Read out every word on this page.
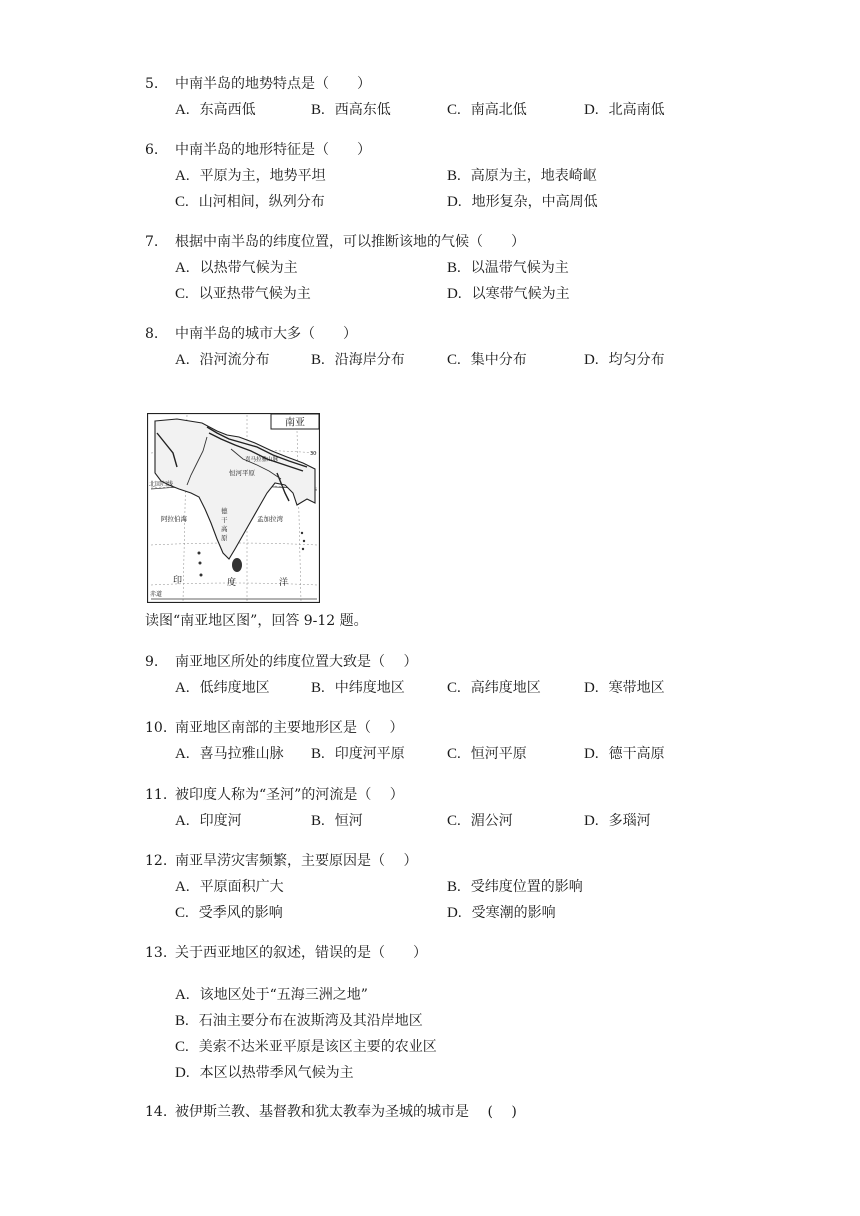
5. 中南半岛的地势特点是（　　）
A. 东高西低	B. 西高东低	C. 南高北低	D. 北高南低
6. 中南半岛的地形特征是（　　）
A. 平原为主，地势平坦	B. 高原为主，地表崎岖
C. 山河相间，纵列分布	D. 地形复杂，中高周低
7. 根据中南半岛的纬度位置，可以推断该地的气候（　　）
A. 以热带气候为主	B. 以温带气候为主
C. 以亚热带气候为主	D. 以寒带气候为主
8. 中南半岛的城市大多（　　）
A. 沿河流分布	B. 沿海岸分布	C. 集中分布	D. 均匀分布
南亚
喜马拉雅山脉
恒河平原
北回归线
阿拉伯海	孟加拉湾
德
干
高
原
印	度	洋
赤道
30
读图“南亚地区图”，回答 9-12 题。
9. 南亚地区所处的纬度位置大致是（　 ）
A. 低纬度地区	B. 中纬度地区	C. 高纬度地区	D. 寒带地区
10. 南亚地区南部的主要地形区是（　 ）
A. 喜马拉雅山脉 B. 印度河平原	C. 恒河平原	D. 德干高原
11. 被印度人称为“圣河”的河流是（　 ）
A. 印度河	B. 恒河	C. 湄公河	D. 多瑙河
12. 南亚旱涝灾害频繁，主要原因是（　 ）
A. 平原面积广大	B. 受纬度位置的影响
C. 受季风的影响	D. 受寒潮的影响
13. 关于西亚地区的叙述，错误的是（　　）
A. 该地区处于“五海三洲之地”
B. 石油主要分布在波斯湾及其沿岸地区
C. 美索不达米亚平原是该区主要的农业区
D. 本区以热带季风气候为主
14. 被伊斯兰教、基督教和犹太教奉为圣城的城市是　 (　 )
